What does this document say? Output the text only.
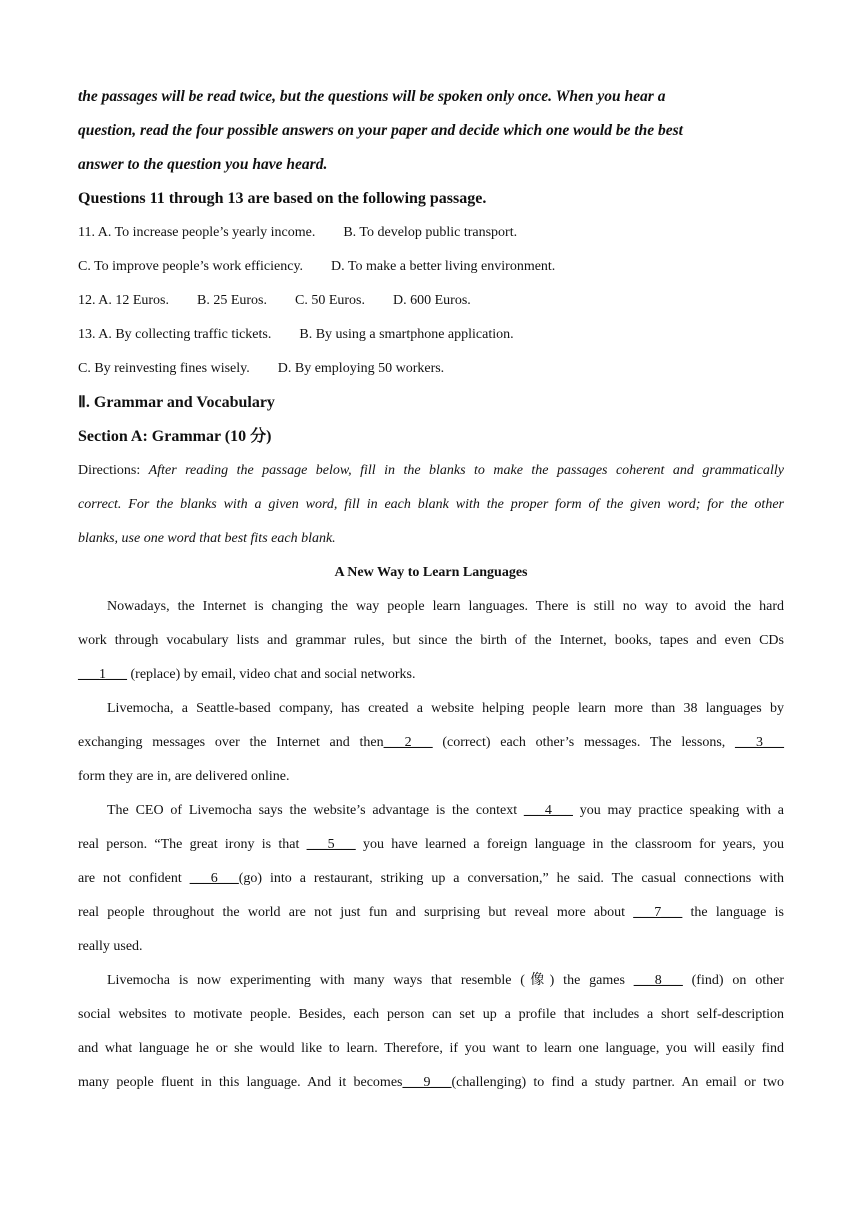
the passages will be read twice, but the questions will be spoken only once. When you hear a
question, read the four possible answers on your paper and decide which one would be the best
answer to the question you have heard.
Questions 11 through 13 are based on the following passage.
11. A. To increase people’s yearly income. B. To develop public transport.
C. To improve people’s work efficiency. D. To make a better living environment.
12. A. 12 Euros. B. 25 Euros. C. 50 Euros. D. 600 Euros.
13. A. By collecting traffic tickets. B. By using a smartphone application.
C. By reinvesting fines wisely. D. By employing 50 workers.
Ⅱ. Grammar and Vocabulary
Section A: Grammar (10 分)
Directions: After reading the passage below, fill in the blanks to make the passages coherent and grammatically
correct. For the blanks with a given word, fill in each blank with the proper form of the given word; for the other
blanks, use one word that best fits each blank.
A New Way to Learn Languages
Nowadays, the Internet is changing the way people learn languages. There is still no way to avoid the hard
work through vocabulary lists and grammar rules, but since the birth of the Internet, books, tapes and even CDs
___1___ (replace) by email, video chat and social networks.
Livemocha, a Seattle-based company, has created a website helping people learn more than 38 languages by
exchanging messages over the Internet and then___2___ (correct) each other’s messages. The lessons, ___3___
form they are in, are delivered online.
The CEO of Livemocha says the website’s advantage is the context ___4___ you may practice speaking with a
real person. “The great irony is that ___5___ you have learned a foreign language in the classroom for years, you
are not confident ___6___(go) into a restaurant, striking up a conversation,” he said. The casual connections with
real people throughout the world are not just fun and surprising but reveal more about ___7___ the language is
really used.
Livemocha is now experimenting with many ways that resemble (像) the games ___8___ (find) on other
social websites to motivate people. Besides, each person can set up a profile that includes a short self-description
and what language he or she would like to learn. Therefore, if you want to learn one language, you will easily find
many people fluent in this language. And it becomes___9___(challenging) to find a study partner. An email or two
